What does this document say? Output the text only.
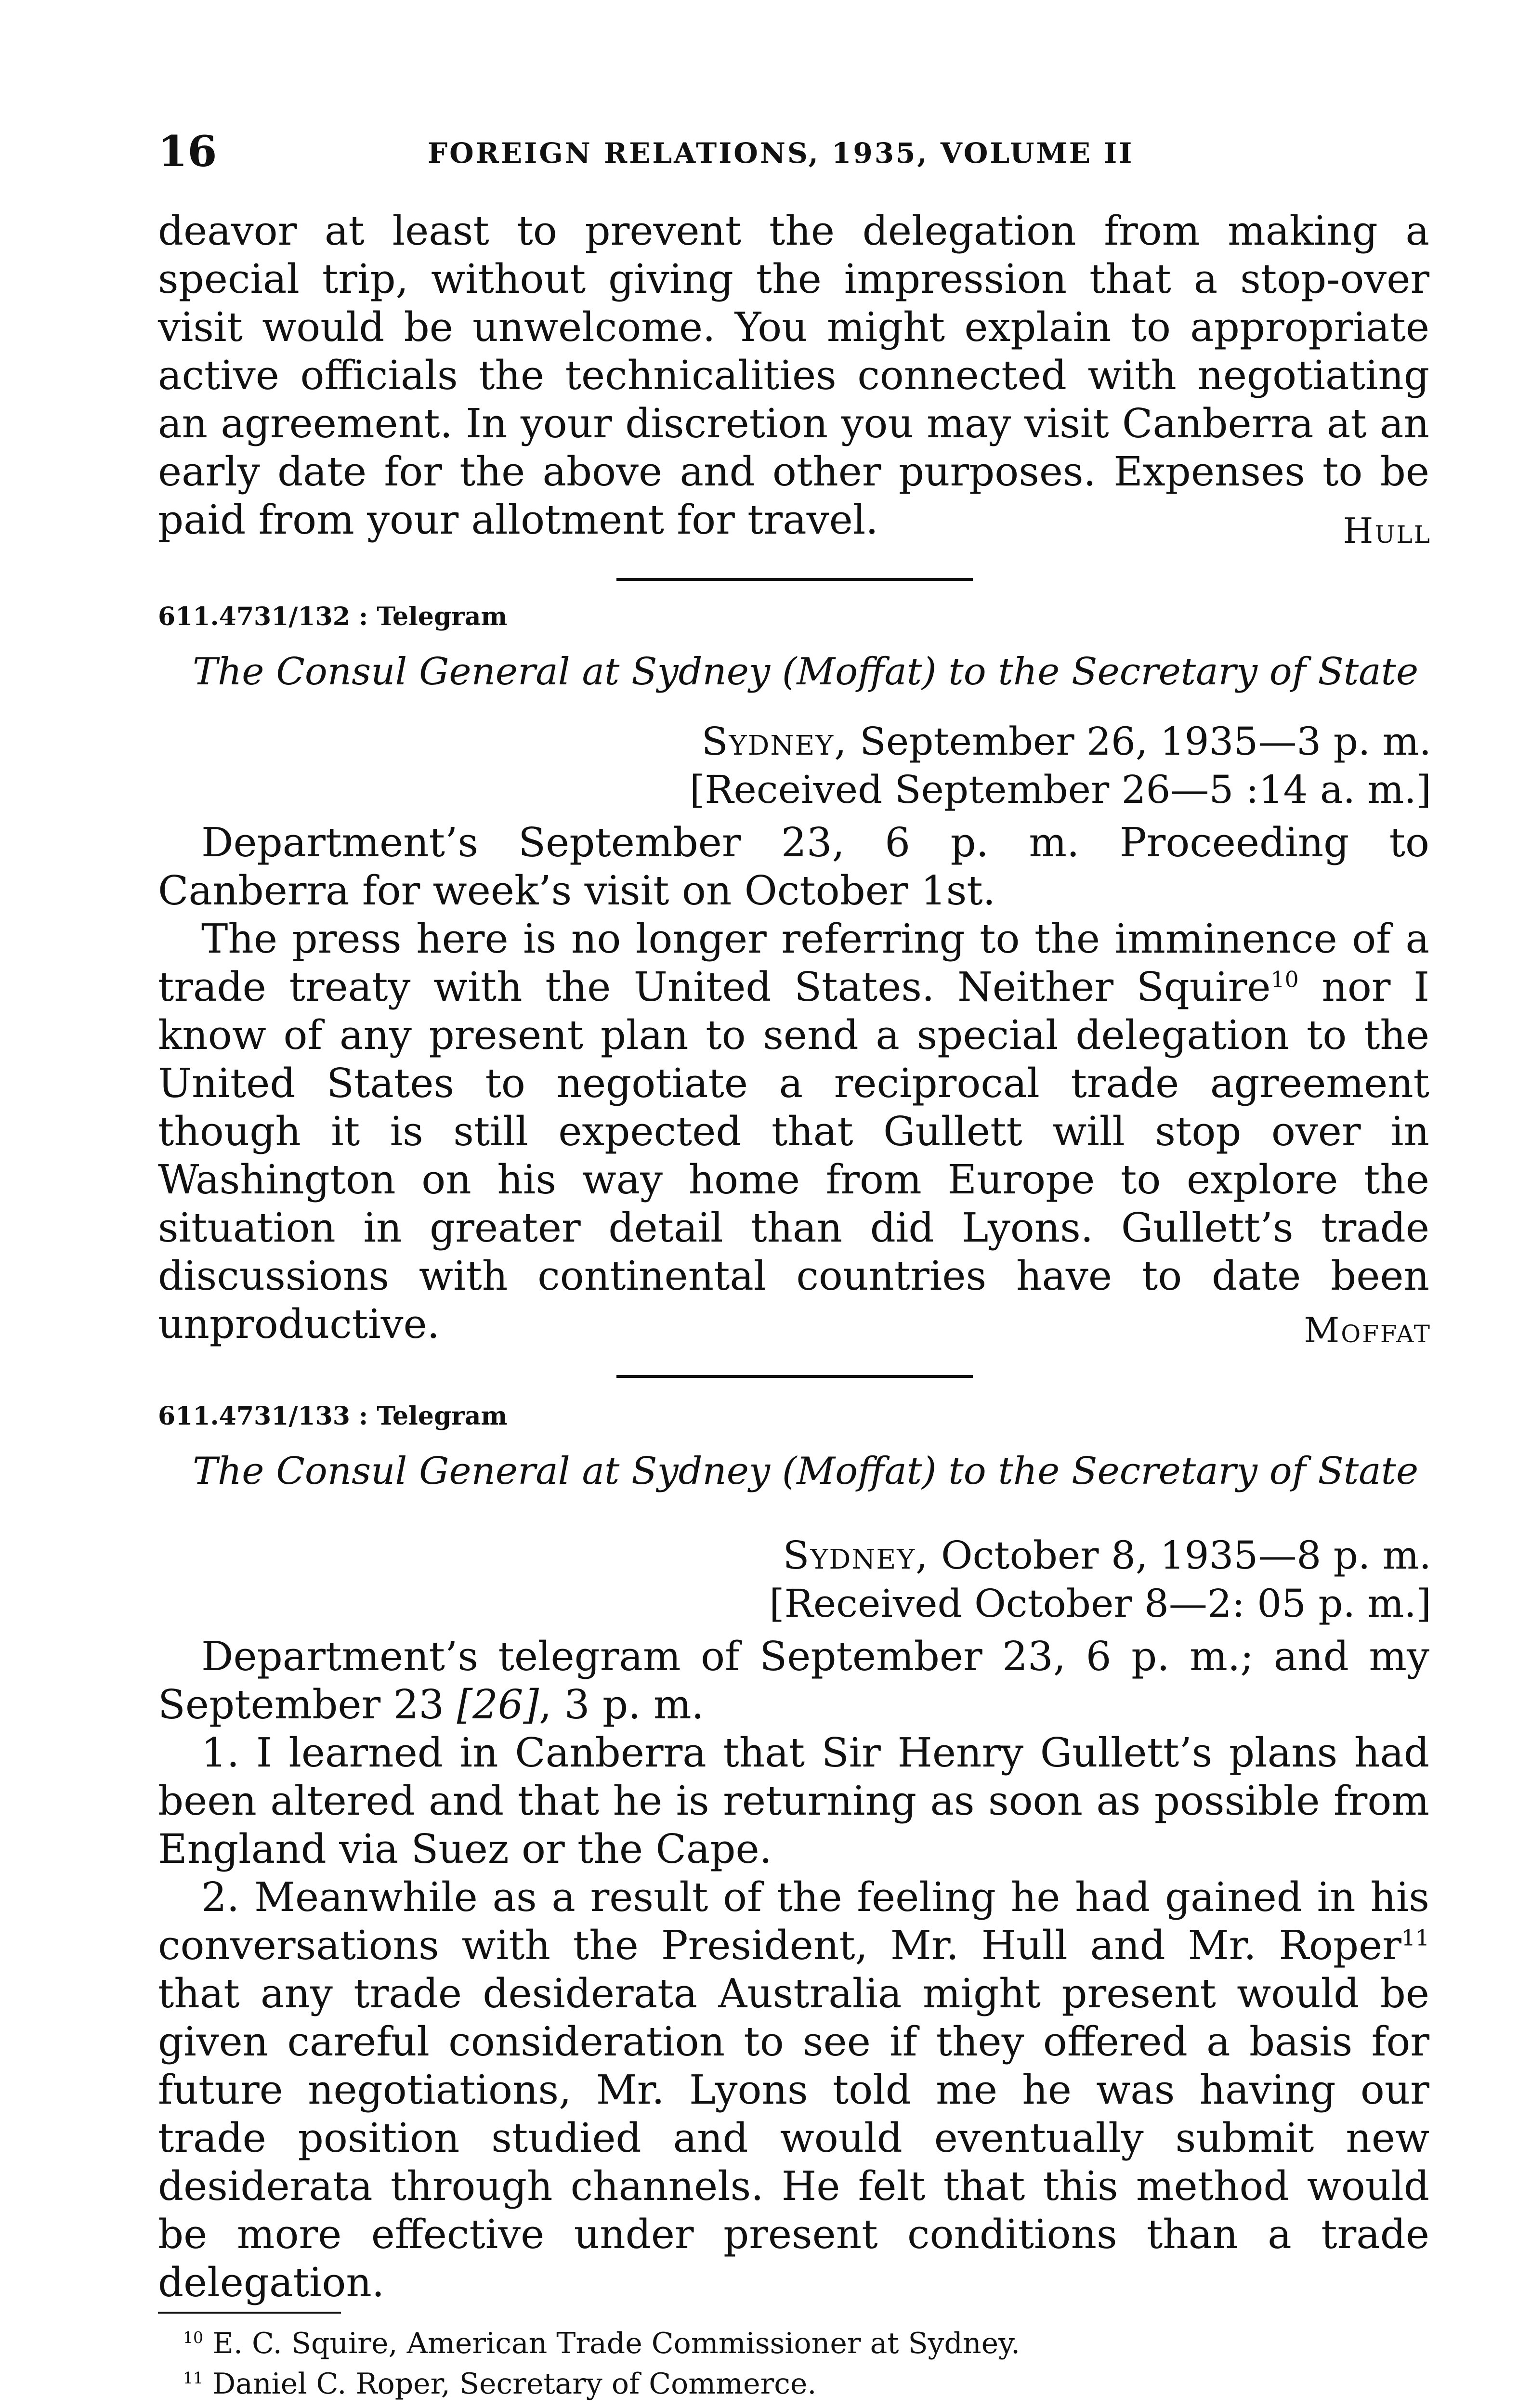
16	FOREIGN RELATIONS, 1935, VOLUME II
deavor at least to prevent the delegation from making a special trip, without giving the impression that a stop-over visit would be unwelcome. You might explain to appropriate active officials the technicalities connected with negotiating an agreement. In your discretion you may visit Canberra at an early date for the above and other purposes. Expenses to be paid from your allotment for travel.	Hull
611.4731/132 : Telegram
The Consul General at Sydney (Moffat) to the Secretary of State
Sydney, September 26, 1935—3 p. m.
[Received September 26—5 :14 a. m.]
Department’s September 23, 6 p. m. Proceeding to Canberra for week’s visit on October 1st.
The press here is no longer referring to the imminence of a trade treaty with the United States. Neither Squire$^{10}$ nor I know of any present plan to send a special delegation to the United States to negotiate a reciprocal trade agreement though it is still expected that Gullett will stop over in Washington on his way home from Europe to explore the situation in greater detail than did Lyons. Gullett’s trade discussions with continental countries have to date been unproductive.	Moffat
611.4731/133 : Telegram
The Consul General at Sydney (Moffat) to the Secretary of State
Sydney, October 8, 1935—8 p. m.
[Received October 8—2: 05 p. m.]
Department’s telegram of September 23, 6 p. m.; and my September 23 [26], 3 p. m.
1. I learned in Canberra that Sir Henry Gullett’s plans had been altered and that he is returning as soon as possible from England via Suez or the Cape.
2. Meanwhile as a result of the feeling he had gained in his conversations with the President, Mr. Hull and Mr. Roper$^{11}$ that any trade desiderata Australia might present would be given careful consideration to see if they offered a basis for future negotiations, Mr. Lyons told me he was having our trade position studied and would eventually submit new desiderata through channels. He felt that this method would be more effective under present conditions than a trade delegation.
$^{10}$ E. C. Squire, American Trade Commissioner at Sydney.
$^{11}$ Daniel C. Roper, Secretary of Commerce.
